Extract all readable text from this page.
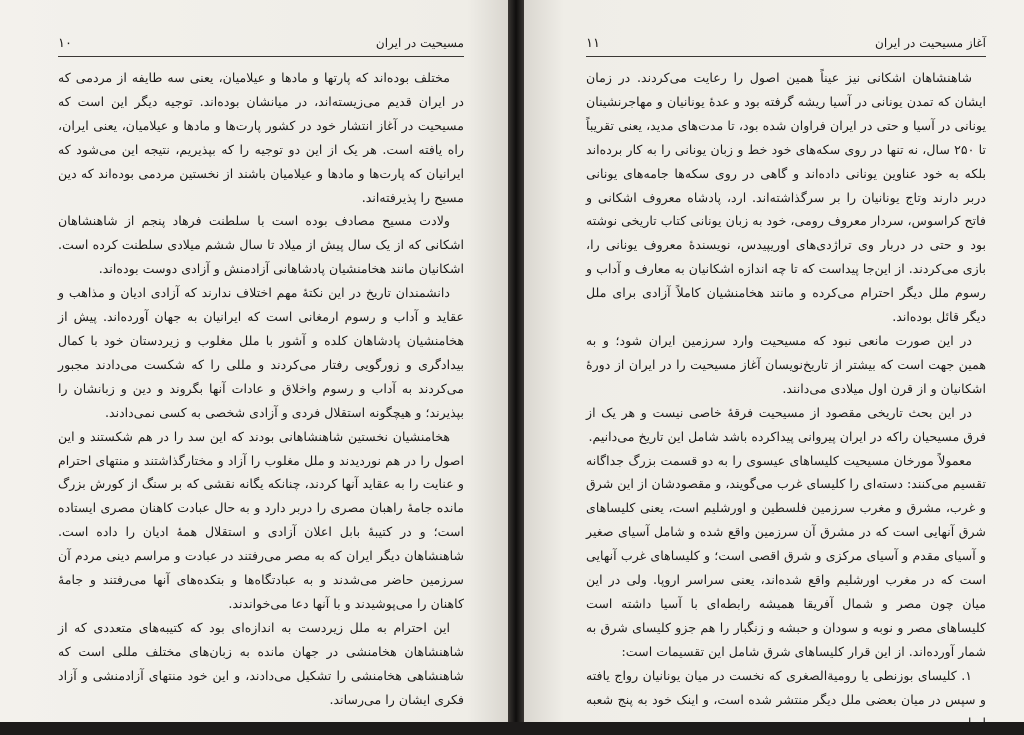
مسیحیت در ایران
۱۰

مختلف بوده‌اند که پارتها و مادها و عیلامیان، یعنی سه طایفه از مردمی که در ایران قدیم می‌زیسته‌اند، در میانشان بوده‌اند. توجیه دیگر این است که مسیحیت در آغاز انتشار خود در کشور پارت‌ها و مادها و عیلامیان، یعنی ایران، راه یافته است. هر یک از این دو توجیه را که بپذیریم، نتیجه این می‌شود که ایرانیان که پارت‌ها و مادها و عیلامیان باشند از نخستین مردمی بوده‌اند که دین مسیح را پذیرفته‌اند.

ولادت مسیح مصادف بوده است با سلطنت فرهاد پنجم از شاهنشاهان اشکانی که از یک سال پیش از میلاد تا سال ششم میلادی سلطنت کرده است. اشکانیان مانند هخامنشیان پادشاهانی آزادمنش و آزادی دوست بوده‌اند.

دانشمندان تاریخ در این نکتهٔ مهم اختلاف ندارند که آزادی ادیان و مذاهب و عقاید و آداب و رسوم ارمغانی است که ایرانیان به جهان آورده‌اند. پیش از هخامنشیان پادشاهان کلده و آشور با ملل مغلوب و زیردستان خود با کمال بیدادگری و زورگویی رفتار می‌کردند و مللی را که شکست می‌دادند مجبور می‌کردند به آداب و رسوم واخلاق و عادات آنها بگروند و دین و زبانشان را بپذیرند؛ و هیچگونه استقلال فردی و آزادی شخصی به کسی نمی‌دادند.

هخامنشیان نخستین شاهنشاهانی بودند که این سد را در هم شکستند و این اصول را در هم نوردیدند و ملل مغلوب را آزاد و مختارگذاشتند و منتهای احترام و عنایت را به عقاید آنها کردند، چنانکه یگانه نقشی که بر سنگ از کورش بزرگ مانده جامهٔ راهبان مصری را دربر دارد و به حال عبادت کاهنان مصری ایستاده است؛ و در کتیبهٔ بابل اعلان آزادی و استقلال همهٔ ادیان را داده است. شاهنشاهان دیگر ایران که به مصر می‌رفتند در عبادت و مراسم دینی مردم آن سرزمین حاضر می‌شدند و به عبادتگاه‌ها و بتکده‌های آنها می‌رفتند و جامهٔ کاهنان را می‌پوشیدند و با آنها دعا می‌خواندند.

این احترام به ملل زیردست به اندازه‌ای بود که کتیبه‌های متعددی که از شاهنشاهان هخامنشی در جهان مانده به زبان‌های مختلف مللی است که شاهنشاهی هخامنشی را تشکیل می‌دادند، و این خود منتهای آزادمنشی و آزاد فکری ایشان را می‌رساند.

آغاز مسیحیت در ایران
۱۱

شاهنشاهان اشکانی نیز عیناً همین اصول را رعایت می‌کردند. در زمان ایشان که تمدن یونانی در آسیا ریشه گرفته بود و عدهٔ یونانیان و مهاجرنشینان یونانی در آسیا و حتی در ایران فراوان شده بود، تا مدت‌های مدید، یعنی تقریباً تا ۲۵۰ سال، نه تنها در روی سکه‌های خود خط و زبان یونانی را به کار برده‌اند بلکه به خود عناوین یونانی داده‌اند و گاهی در روی سکه‌ها جامه‌های یونانی دربر دارند وتاج یونانیان را بر سرگذاشته‌اند. ارد، پادشاه معروف اشکانی و فاتح کراسوس، سردار معروف رومی، خود به زبان یونانی کتاب تاریخی نوشته بود و حتی در دربار وی تراژدی‌های اوریپیدس، نویسندهٔ معروف یونانی را، بازی می‌کردند. از این‌جا پیداست که تا چه اندازه اشکانیان به معارف و آداب و رسوم ملل دیگر احترام می‌کرده و مانند هخامنشیان کاملاً آزادی برای ملل دیگر قائل بوده‌اند.

در این صورت مانعی نبود که مسیحیت وارد سرزمین ایران شود؛ و به همین جهت است که بیشتر از تاریخ‌نویسان آغاز مسیحیت را در ایران از دورهٔ اشکانیان و از قرن اول میلادی می‌دانند.

در این بحث تاریخی مقصود از مسیحیت فرقهٔ خاصی نیست و هر یک از فرق مسیحیان راکه در ایران پیروانی پیداکرده باشد شامل این تاریخ می‌دانیم.

معمولاً مورخان مسیحیت کلیساهای عیسوی را به دو قسمت بزرگ جداگانه تقسیم می‌کنند: دسته‌ای را کلیسای غرب می‌گویند، و مقصودشان از این شرق و غرب، مشرق و مغرب سرزمین فلسطین و اورشلیم است، یعنی کلیساهای شرق آنهایی است که در مشرق آن سرزمین واقع شده و شامل آسیای صغیر و آسیای مقدم و آسیای مرکزی و شرق اقصی است؛ و کلیساهای غرب آنهایی است که در مغرب اورشلیم واقع شده‌اند، یعنی سراسر اروپا. ولی در این میان چون مصر و شمال آفریقا همیشه رابطه‌ای با آسیا داشته است کلیساهای مصر و نوبه و سودان و حبشه و زنگبار را هم جزو کلیسای شرق به شمار آورده‌اند. از این قرار کلیساهای شرق شامل این تقسیمات است:

۱. کلیسای بوزنطی یا رومیةالصغری که نخست در میان یونانیان رواج یافته و سپس در میان بعضی ملل دیگر منتشر شده است، و اینک خود به پنج شعبه اصلی
